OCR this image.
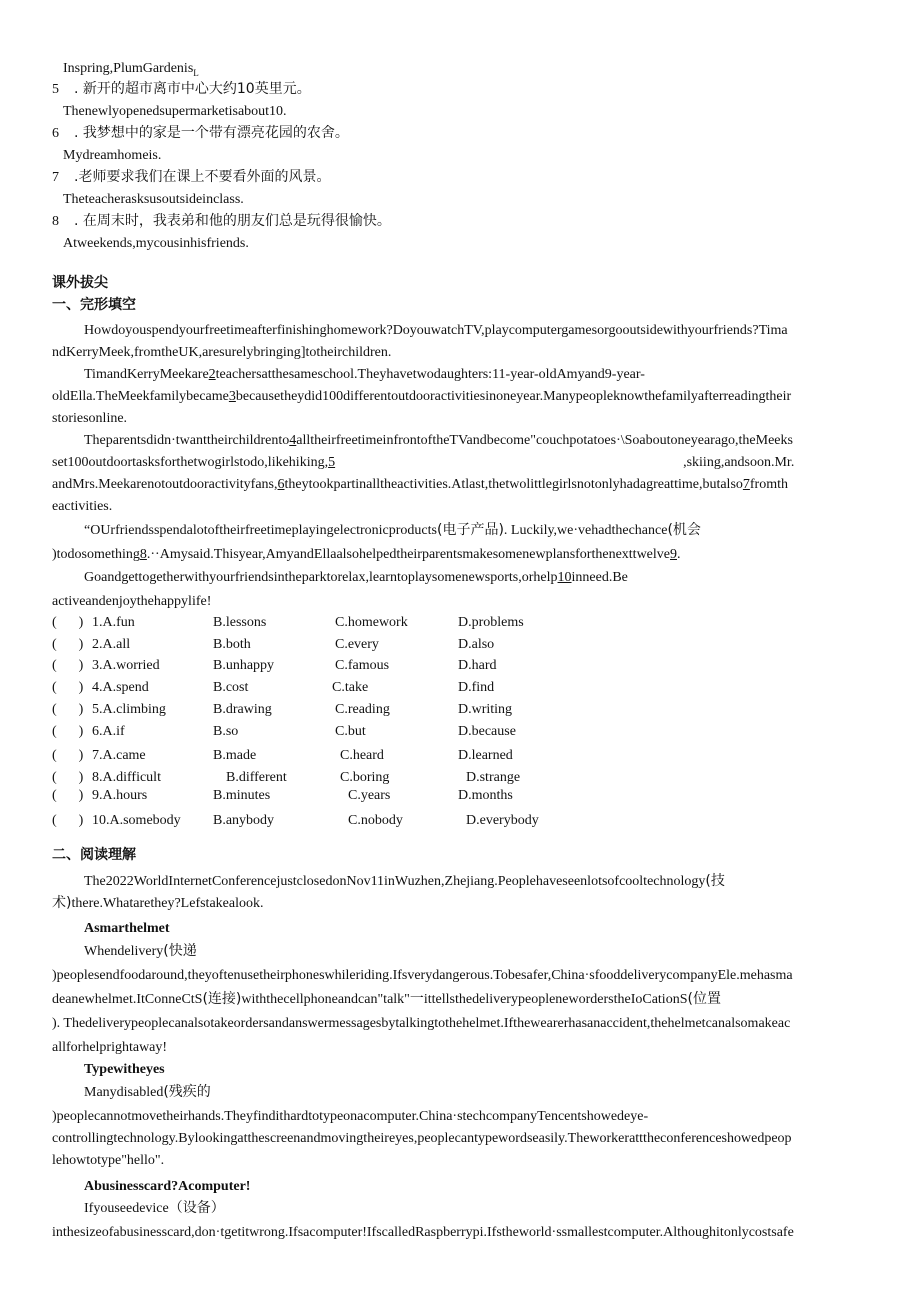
Inspring,PlumGardenis$_L$
5 . 新开的超市离市中心大约10英里元。
Thenewlyopenedsupermarketisabout10.
6 . 我梦想中的家是一个带有漂亮花园的农舍。
Mydreamhomeis.
7 .老师要求我们在课上不要看外面的风景。
Theteacherasksusoutsideinclass.
8 . 在周末时，我表弟和他的朋友们总是玩得很愉快。
Atweekends,mycousinhisfriends.
课外拔尖
一、完形填空
Howdoyouspendyourfreetimeafterfinishinghomework?DoyouwatchTV,playcomputergamesorgooutsidewithyourfriends?Tima
ndKerryMeek,fromtheUK,aresurelybringing]totheirchildren.
TimandKerryMeekare2teachersatthesameschool.Theyhavetwodaughters:11-year-oldAmyand9-year-
oldElla.TheMeekfamilybecame3becausetheydid100differentoutdooractivitiesinoneyear.Manypeopleknowthefamilyafterreadingtheir
storiesonline.
Theparentsdidn·twanttheirchildrento4alltheirfreetimeinfrontoftheTVandbecome"couchpotatoes·\Soaboutoneyearago,theMeeks
set100outdoortasksforthetwogirlstodo,likehiking,5	,skiing,andsoon.Mr.
andMrs.Meekarenotoutdooractivityfans,6theytookpartinalltheactivities.Atlast,thetwolittlegirlsnotonlyhadagreattime,butalso7fromth
eactivities.
“OUrfriendsspendalotoftheirfreetimeplayingelectronicproducts(电子产品). Luckily,we·vehadthechance(机会
)todosomething8.··Amysaid.Thisyear,AmyandEllaalsohelpedtheirparentsmakesomenewplansforthenexttwelve9.
Goandgettogetherwithyourfriendsintheparktorelax,learntoplaysomenewsports,orhelp10inneed.Be
activeandenjoythehappylife!
( ) 1.A.fun	B.lessons	C.homework	D.problems
( ) 2.A.all	B.both	C.every	D.also
( ) 3.A.worried	B.unhappy	C.famous	D.hard
( ) 4.A.spend	B.cost	C.take	D.find
( ) 5.A.climbing	B.drawing	C.reading	D.writing
( ) 6.A.if	B.so	C.but	D.because
( ) 7.A.came	B.made	C.heard	D.learned
( ) 8.A.difficult	B.different	C.boring	D.strange
( ) 9.A.hours	B.minutes	C.years	D.months
( ) 10.A.somebody B.anybody	C.nobody	D.everybody
二、阅读理解
The2022WorldInternetConferencejustclosedonNov11inWuzhen,Zhejiang.Peoplehaveseenlotsofcooltechnology(技
术)there.Whatarethey?Lefstakealook.
Asmarthelmet
Whendelivery(快递
)peoplesendfoodaround,theyoftenusetheirphoneswhileriding.Ifsverydangerous.Tobesafer,China·sfooddeliverycompanyEle.mehasma
deanewhelmet.ItConneCtS(连接)withthecellphoneandcan"talk"一ittellsthedeliverypeopleneworderstheIoCationS(位置
). Thedeliverypeoplecanalsotakeordersandanswermessagesbytalkingtothehelmet.Ifthewearerhasanaccident,thehelmetcanalsomakeac
allforhelprightaway!
Typewitheyes
Manydisabled(残疾的
)peoplecannotmovetheirhands.Theyfindithardtotypeonacomputer.China·stechcompanyTencentshowedeye-
controllingtechnology.Bylookingatthescreenandmovingtheireyes,peoplecantypewordseasily.Theworkeratttheconferenceshowedpeop
lehowtotype"hello".
Abusinesscard?Acomputer!
Ifyouseedevice（设备）
inthesizeofabusinesscard,don·tgetitwrong.Ifsacomputer!IfscalledRaspberrypi.Ifstheworld·ssmallestcomputer.Althoughitonlycostsafe
